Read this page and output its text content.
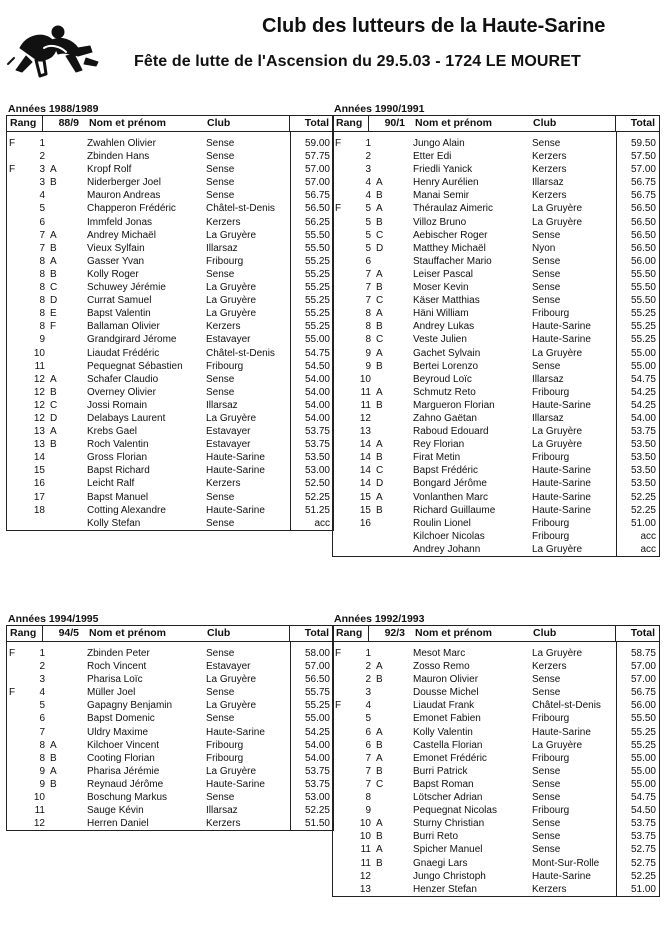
Club des lutteurs de la Haute-Sarine
Fête de lutte de l'Ascension du 29.5.03 - 1724 LE MOURET
Années 1988/1989
Rang	88/9 Nom et prénom	Club	Total
F	1	Zwahlen Olivier	Sense	59.00
2	Zbinden Hans	Sense	57.75
F	3 A	Kropf Rolf	Sense	57.00
3 B	Niderberger Joel	Sense	57.00
4	Mauron Andreas	Sense	56.75
5	Chapperon Frédéric	Châtel-st-Denis	56.50
6	Immfeld Jonas	Kerzers	56.25
7 A	Andrey Michaël	La Gruyère	55.50
7 B	Vieux Sylfain	Illarsaz	55.50
8 A	Gasser Yvan	Fribourg	55.25
8 B	Kolly Roger	Sense	55.25
8 C	Schuwey Jérémie	La Gruyère	55.25
8 D	Currat Samuel	La Gruyère	55.25
8 E	Bapst Valentin	La Gruyère	55.25
8 F	Ballaman Olivier	Kerzers	55.25
9	Grandgirard Jérome	Estavayer	55.00
10	Liaudat Frédéric	Châtel-st-Denis	54.75
11	Pequegnat Sébastien	Fribourg	54.50
12 A	Schafer Claudio	Sense	54.00
12 B	Overney Olivier	Sense	54.00
12 C	Jossi Romain	Illarsaz	54.00
12 D	Delabays Laurent	La Gruyère	54.00
13 A	Krebs Gael	Estavayer	53.75
13 B	Roch Valentin	Estavayer	53.75
14	Gross Florian	Haute-Sarine	53.50
15	Bapst Richard	Haute-Sarine	53.00
16	Leicht Ralf	Kerzers	52.50
17	Bapst Manuel	Sense	52.25
18	Cotting Alexandre	Haute-Sarine	51.25
Kolly Stefan	Sense	acc
Années 1990/1991
Rang	90/1 Nom et prénom	Club	Total
F	1	Jungo Alain	Sense	59.50
2	Etter Edi	Kerzers	57.50
3	Friedli Yanick	Kerzers	57.00
4 A	Henry Aurélien	Illarsaz	56.75
4 B	Manai Semir	Kerzers	56.75
F	5 A	Théraulaz Aimeric	La Gruyère	56.50
5 B	Villoz Bruno	La Gruyère	56.50
5 C	Aebischer Roger	Sense	56.50
5 D	Matthey Michaël	Nyon	56.50
6	Stauffacher Mario	Sense	56.00
7 A	Leiser Pascal	Sense	55.50
7 B	Moser Kevin	Sense	55.50
7 C	Käser Matthias	Sense	55.50
8 A	Häni William	Fribourg	55.25
8 B	Andrey Lukas	Haute-Sarine	55.25
8 C	Veste Julien	Haute-Sarine	55.25
9 A	Gachet Sylvain	La Gruyère	55.00
9 B	Bertei Lorenzo	Sense	55.00
10	Beyroud Loïc	Illarsaz	54.75
11 A	Schmutz Reto	Fribourg	54.25
11 B	Margueron Florian	Haute-Sarine	54.25
12	Zahno Gaëtan	Illarsaz	54.00
13	Raboud Edouard	La Gruyère	53.75
14 A	Rey Florian	La Gruyère	53.50
14 B	Firat Metin	Fribourg	53.50
14 C	Bapst Frédéric	Haute-Sarine	53.50
14 D	Bongard Jérôme	Haute-Sarine	53.50
15 A	Vonlanthen Marc	Haute-Sarine	52.25
15 B	Richard Guillaume	Haute-Sarine	52.25
16	Roulin Lionel	Fribourg	51.00
Kilchoer Nicolas	Fribourg	acc
Andrey Johann	La Gruyère	acc
Années 1994/1995
Rang	94/5 Nom et prénom	Club	Total
F	1	Zbinden Peter	Sense	58.00
2	Roch Vincent	Estavayer	57.00
3	Pharisa Loïc	La Gruyère	56.50
F	4	Müller Joel	Sense	55.75
5	Gapagny Benjamin	La Gruyère	55.25
6	Bapst Domenic	Sense	55.00
7	Uldry Maxime	Haute-Sarine	54.25
8 A	Kilchoer Vincent	Fribourg	54.00
8 B	Cooting Florian	Fribourg	54.00
9 A	Pharisa Jérémie	La Gruyère	53.75
9 B	Reynaud Jérôme	Haute-Sarine	53.75
10	Boschung Markus	Sense	53.00
11	Sauge Kévin	Illarsaz	52.25
12	Herren Daniel	Kerzers	51.50
Années 1992/1993
Rang	92/3 Nom et prénom	Club	Total
F	1	Mesot Marc	La Gruyère	58.75
2 A	Zosso Remo	Kerzers	57.00
2 B	Mauron Olivier	Sense	57.00
3	Dousse Michel	Sense	56.75
F	4	Liaudat Frank	Châtel-st-Denis	56.00
5	Emonet Fabien	Fribourg	55.50
6 A	Kolly Valentin	Haute-Sarine	55.25
6 B	Castella Florian	La Gruyère	55.25
7 A	Emonet Frédéric	Fribourg	55.00
7 B	Burri Patrick	Sense	55.00
7 C	Bapst Roman	Sense	55.00
8	Lötscher Adrian	Sense	54.75
9	Pequegnat Nicolas	Fribourg	54.50
10 A	Sturny Christian	Sense	53.75
10 B	Burri Reto	Sense	53.75
11 A	Spicher Manuel	Sense	52.75
11 B	Gnaegi Lars	Mont-Sur-Rolle	52.75
12	Jungo Christoph	Haute-Sarine	52.25
13	Henzer Stefan	Kerzers	51.00
